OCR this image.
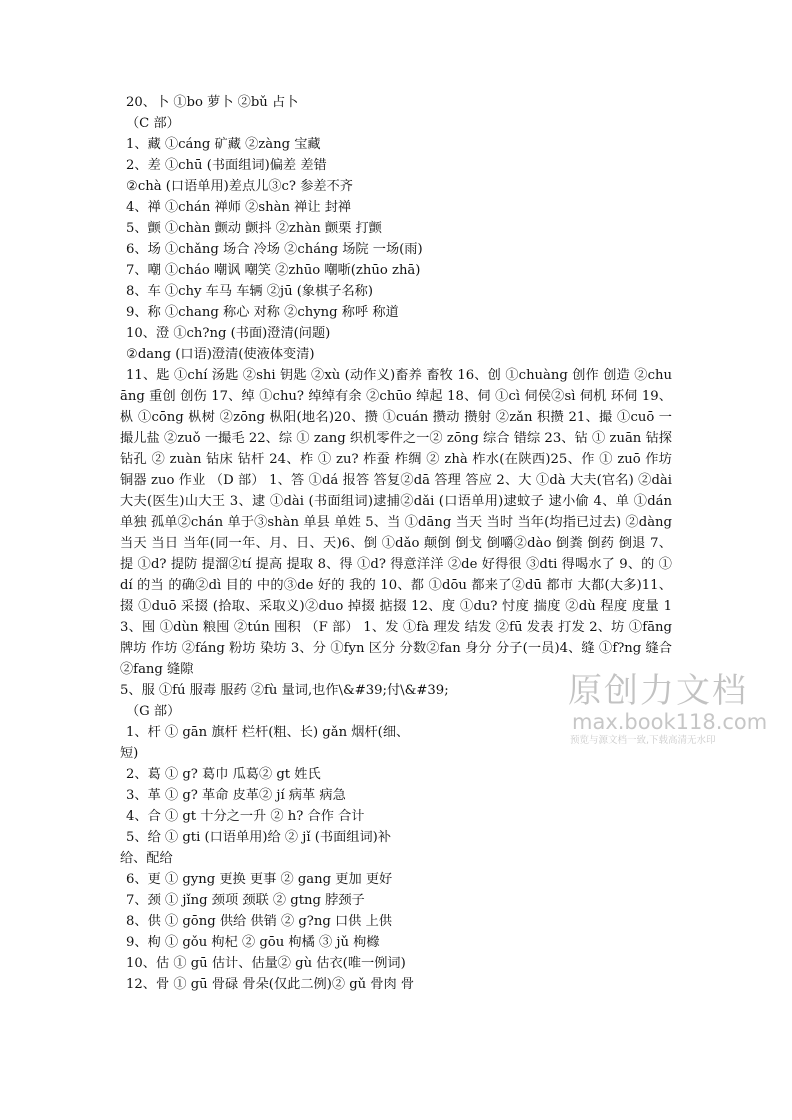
20、卜 ①bo 萝卜 ②bǔ 占卜
（C 部）
1、藏 ①cáng 矿藏 ②zàng 宝藏
2、差 ①chū (书面组词)偏差 差错
②chà (口语单用)差点儿③c? 参差不齐
4、禅 ①chán 禅师 ②shàn 禅让 封禅
5、颤 ①chàn 颤动 颤抖 ②zhàn 颤栗 打颤
6、场 ①chǎng 场合 冷场 ②cháng 场院 一场(雨)
7、嘲 ①cháo 嘲讽 嘲笑 ②zhūo 嘲哳(zhūo zhā)
8、车 ①chy 车马 车辆 ②jū (象棋子名称)
9、称 ①chang 称心 对称 ②chyng 称呼 称道
10、澄 ①ch?ng (书面)澄清(问题)
②dang (口语)澄清(使液体变清)
11、匙 ①chí 汤匙 ②shi 钥匙 ②xù (动作义)畜养 畜牧 16、创 ①chuàng 创作 创造 ②chuāng 重创 创伤 17、绰 ①chu? 绰绰有余 ②chūo 绰起 18、伺 ①cì 伺侯②sì 伺机 环伺 19、枞 ①cōng 枞树 ②zōng 枞阳(地名)20、攒 ①cuán 攒动 攒射 ②zǎn 积攒 21、撮 ①cuō 一撮儿盐 ②zuǒ 一撮毛 22、综 ① zang 织机零件之一② zōng 综合 错综 23、钻 ① zuān 钻探 钻孔 ② zuàn 钻床 钻杆 24、柞 ① zu? 柞蚕 柞绸 ② zhà 柞水(在陕西)25、作 ① zuō 作坊 铜器 zuo 作业 （D 部） 1、答 ①dá 报答 答复②dā 答理 答应 2、大 ①dà 大夫(官名) ②dài 大夫(医生)山大王 3、逮 ①dài (书面组词)逮捕②dǎi (口语单用)逮蚊子 逮小偷 4、单 ①dán 单独 孤单②chán 单于③shàn 单县 单姓 5、当 ①dāng 当天 当时 当年(均指已过去) ②dàng 当天 当日 当年(同一年、月、日、天)6、倒 ①dǎo 颠倒 倒戈 倒嚼②dào 倒粪 倒药 倒退 7、提 ①d? 提防 提溜②tí 提高 提取 8、得 ①d? 得意洋洋 ②de 好得很 ③dti 得喝水了 9、的 ①dí 的当 的确②dì 目的 中的③de 好的 我的 10、都 ①dōu 都来了②dū 都市 大都(大多)11、掇 ①duō 采掇 (拾取、采取义)②duo 掉掇 掂掇 12、度 ①du? 忖度 揣度 ②dù 程度 度量 13、囤 ①dùn 粮囤 ②tún 囤积 （F 部） 1、发 ①fà 理发 结发 ②fū 发表 打发 2、坊 ①fāng 牌坊 作坊 ②fáng 粉坊 染坊 3、分 ①fyn 区分 分数②fan 身分 分子(一员)4、缝 ①f?ng 缝合②fang 缝隙
5、服 ①fú 服毒 服药 ②fù 量词,也作\&#39;付\&#39;
（G 部）
1、杆 ① gān 旗杆 栏杆(粗、长) gǎn 烟杆(细、
短)
2、葛 ① g? 葛巾 瓜葛② gt 姓氏
3、革 ① g? 革命 皮革② jí 病革 病急
4、合 ① gt 十分之一升 ② h? 合作 合计
5、给 ① gti (口语单用)给 ② jǐ (书面组词)补
给、配给
6、更 ① gyng 更换 更事 ② gang 更加 更好
7、颈 ① jǐng 颈项 颈联 ② gtng 脖颈子
8、供 ① gōng 供给 供销 ② g?ng 口供 上供
9、枸 ① gǒu 枸杞 ② gōu 枸橘 ③ jǔ 枸橼
10、估 ① gū 估计、估量② gù 估衣(唯一例词)
12、骨 ① gū 骨碌 骨朵(仅此二例)② gǔ 骨肉 骨
原创力文档
max.book118.com
预览与源文档一致,下载高清无水印
